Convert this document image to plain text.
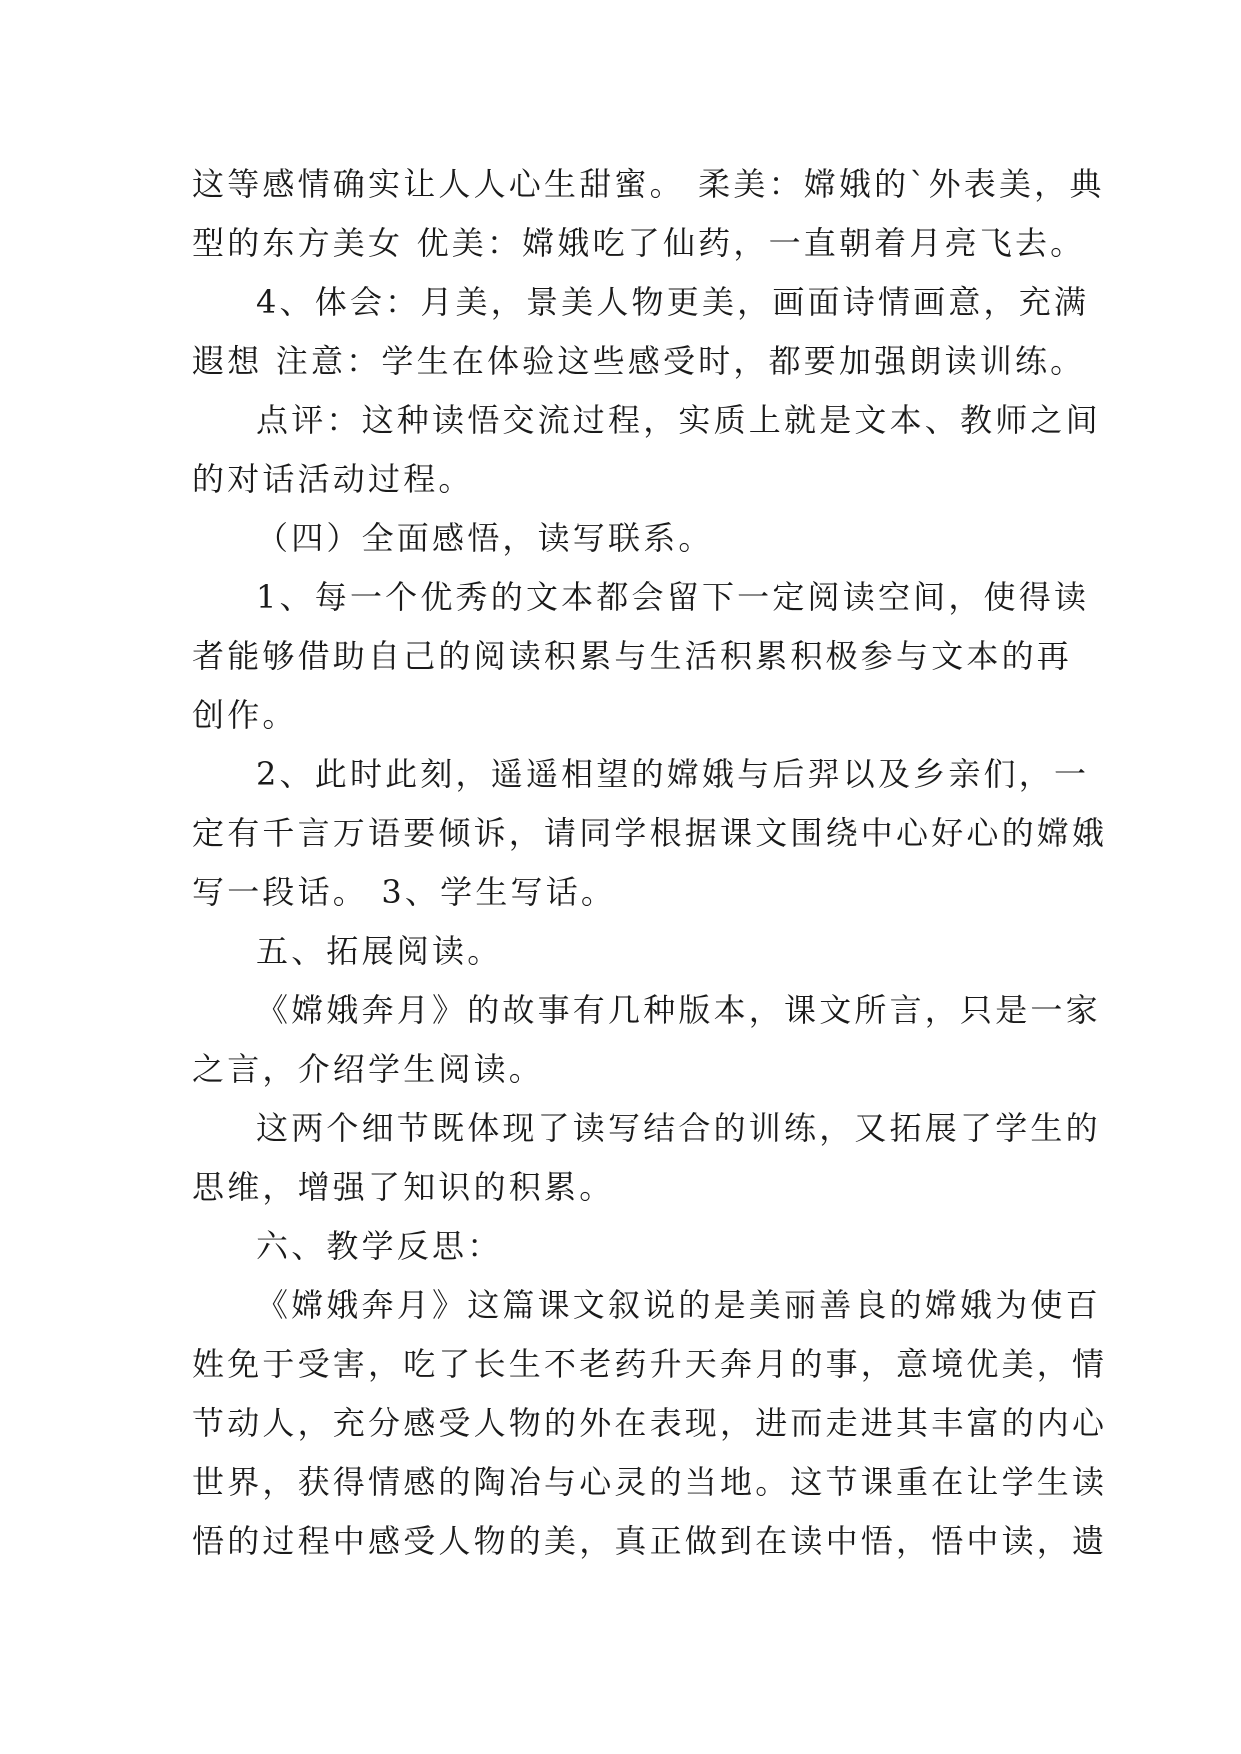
这等感情确实让人人心生甜蜜。 柔美：嫦娥的`外表美，典
型的东方美女 优美：嫦娥吃了仙药，一直朝着月亮飞去。

4、体会：月美，景美人物更美，画面诗情画意，充满
遐想 注意：学生在体验这些感受时，都要加强朗读训练。

点评：这种读悟交流过程，实质上就是文本、教师之间
的对话活动过程。

（四）全面感悟，读写联系。

1、每一个优秀的文本都会留下一定阅读空间，使得读
者能够借助自己的阅读积累与生活积累积极参与文本的再
创作。

2、此时此刻，遥遥相望的嫦娥与后羿以及乡亲们，一
定有千言万语要倾诉，请同学根据课文围绕中心好心的嫦娥
写一段话。 3、学生写话。

五、拓展阅读。

《嫦娥奔月》的故事有几种版本，课文所言，只是一家
之言，介绍学生阅读。

这两个细节既体现了读写结合的训练，又拓展了学生的
思维，增强了知识的积累。

六、教学反思：

《嫦娥奔月》这篇课文叙说的是美丽善良的嫦娥为使百
姓免于受害，吃了长生不老药升天奔月的事，意境优美，情
节动人，充分感受人物的外在表现，进而走进其丰富的内心
世界，获得情感的陶冶与心灵的当地。这节课重在让学生读
悟的过程中感受人物的美，真正做到在读中悟，悟中读，遗
